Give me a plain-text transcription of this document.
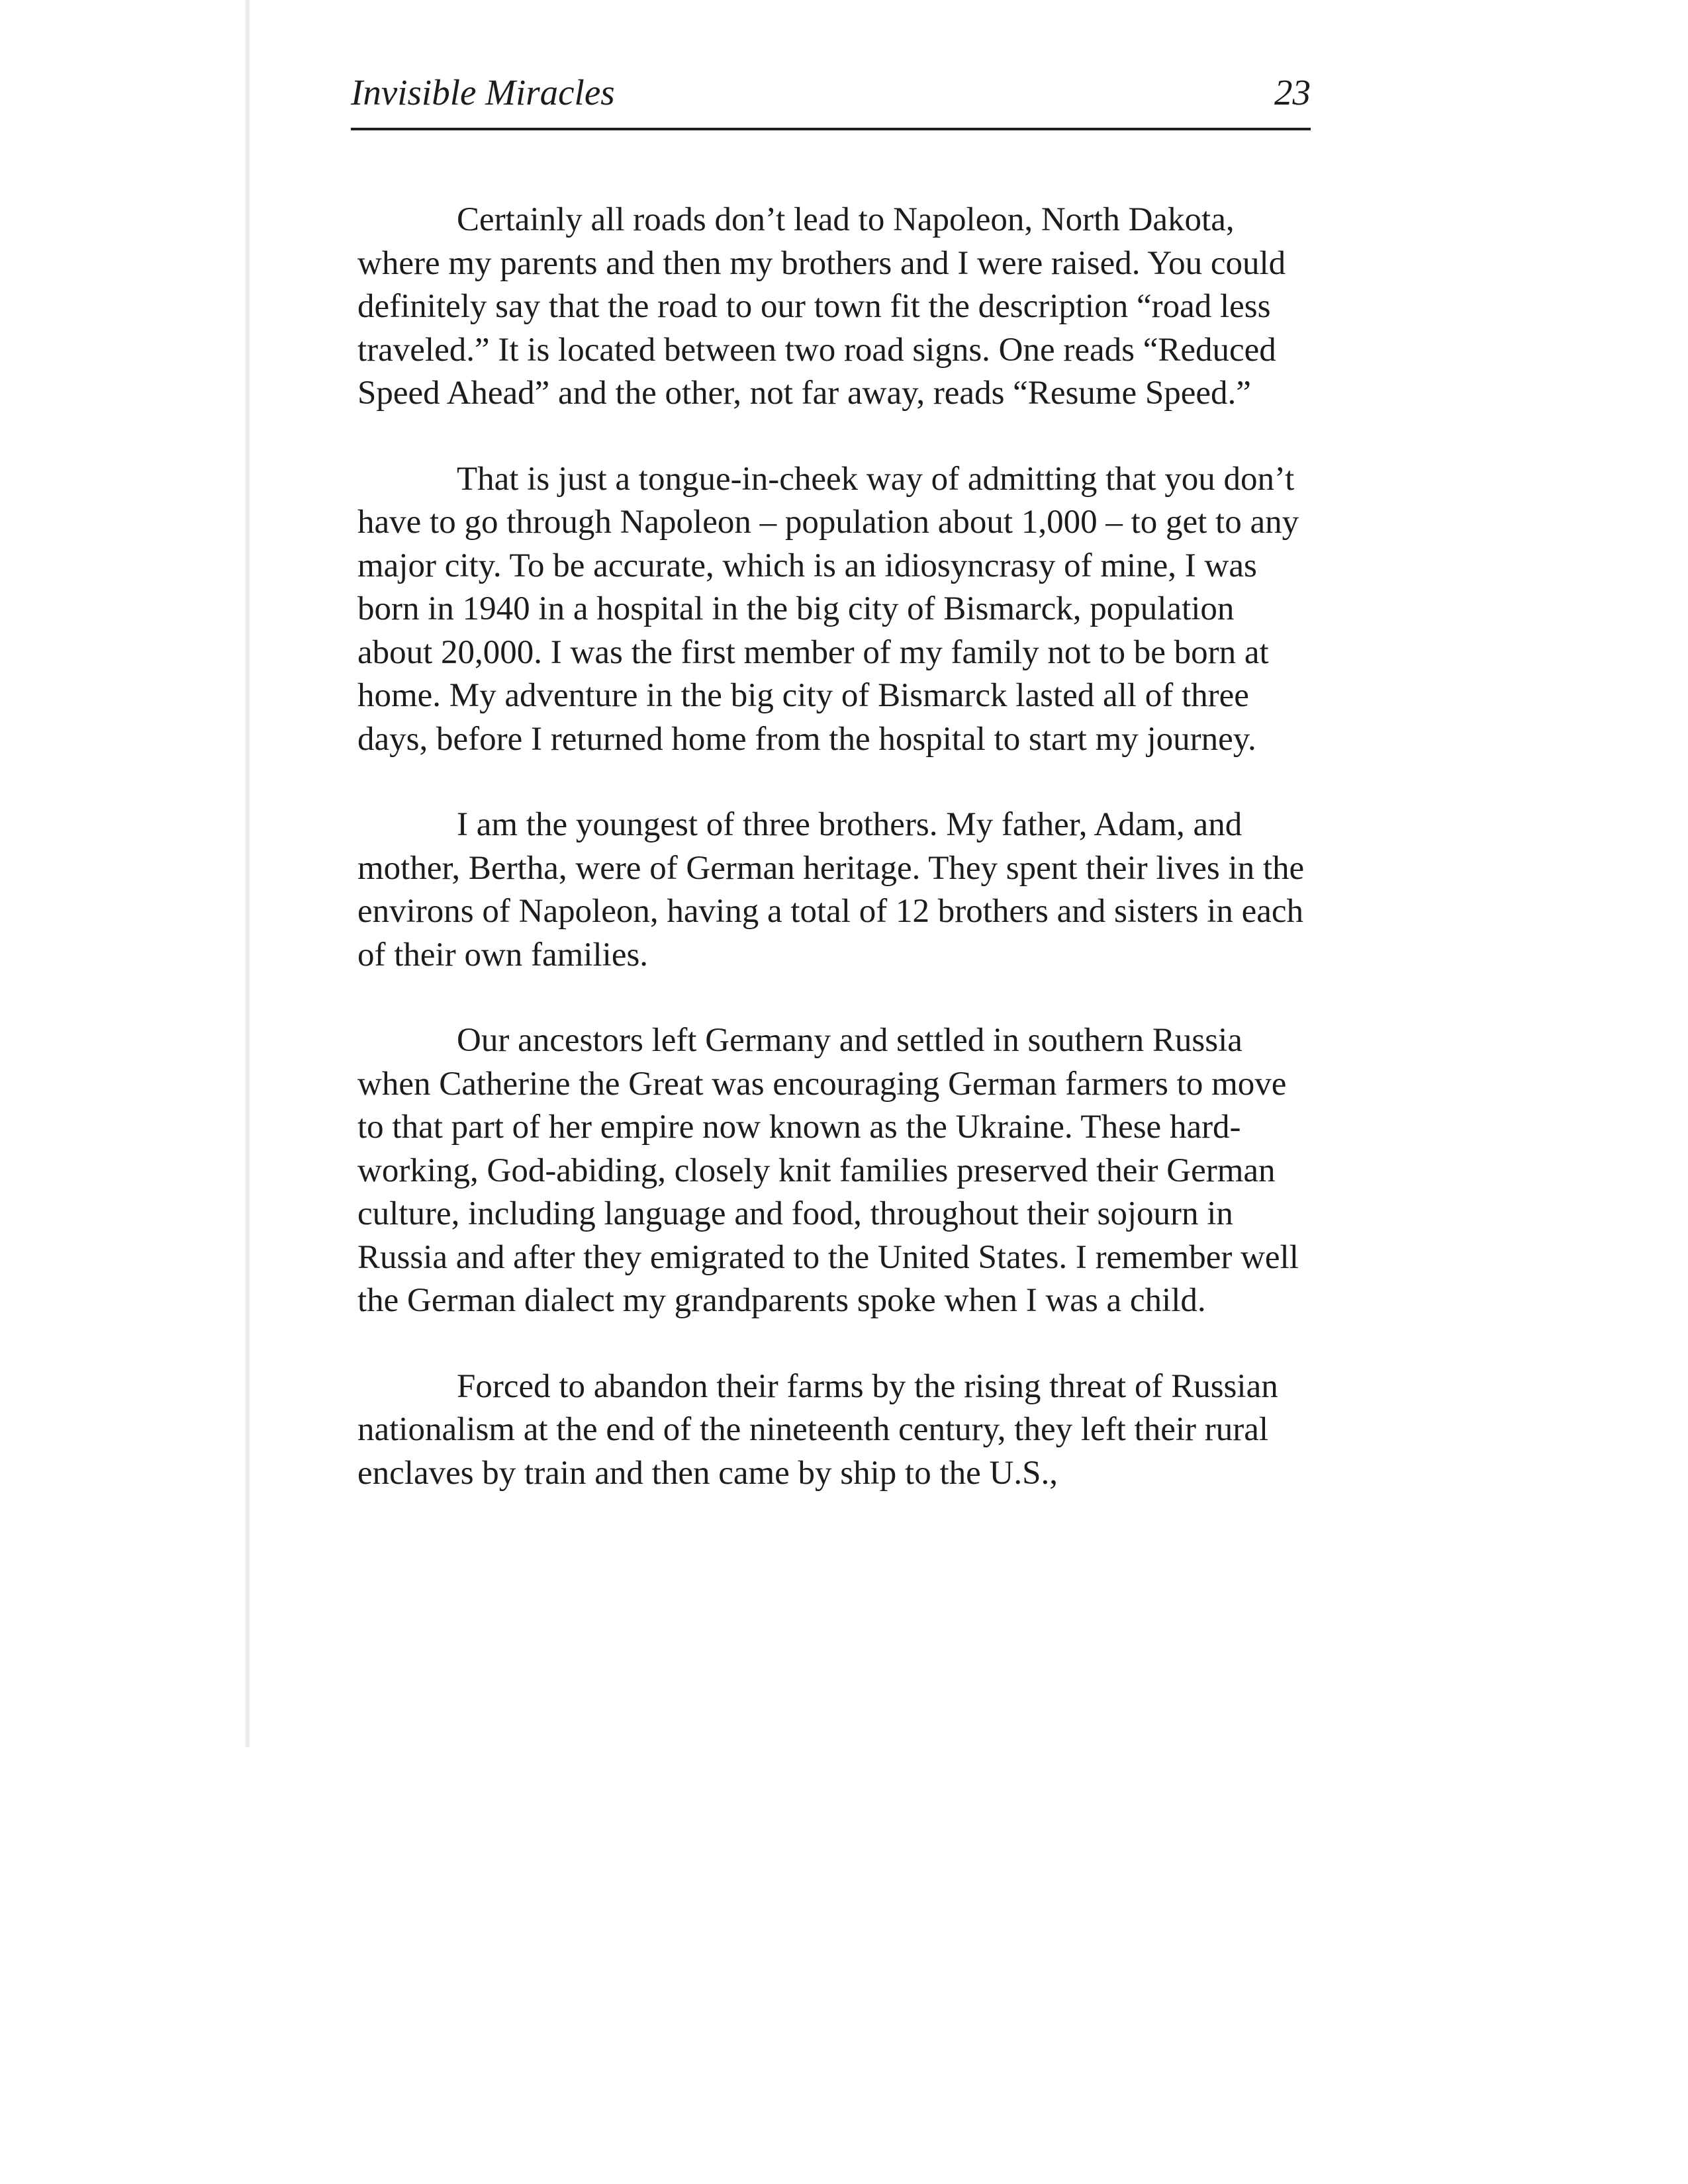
Invisible Miracles	23

Certainly all roads don’t lead to Napoleon, North Dakota, where my parents and then my brothers and I were raised. You could definitely say that the road to our town fit the description “road less traveled.” It is located between two road signs. One reads “Reduced Speed Ahead” and the other, not far away, reads “Resume Speed.”

That is just a tongue-in-cheek way of admitting that you don’t have to go through Napoleon – population about 1,000 – to get to any major city. To be accurate, which is an idiosyncrasy of mine, I was born in 1940 in a hospital in the big city of Bismarck, population about 20,000. I was the first member of my family not to be born at home. My adventure in the big city of Bismarck lasted all of three days, before I returned home from the hospital to start my journey.

I am the youngest of three brothers. My father, Adam, and mother, Bertha, were of German heritage. They spent their lives in the environs of Napoleon, having a total of 12 brothers and sisters in each of their own families.

Our ancestors left Germany and settled in southern Russia when Catherine the Great was encouraging German farmers to move to that part of her empire now known as the Ukraine. These hard-working, God-abiding, closely knit families preserved their German culture, including language and food, throughout their sojourn in Russia and after they emigrated to the United States. I remember well the German dialect my grandparents spoke when I was a child.

Forced to abandon their farms by the rising threat of Russian nationalism at the end of the nineteenth century, they left their rural enclaves by train and then came by ship to the U.S.,
